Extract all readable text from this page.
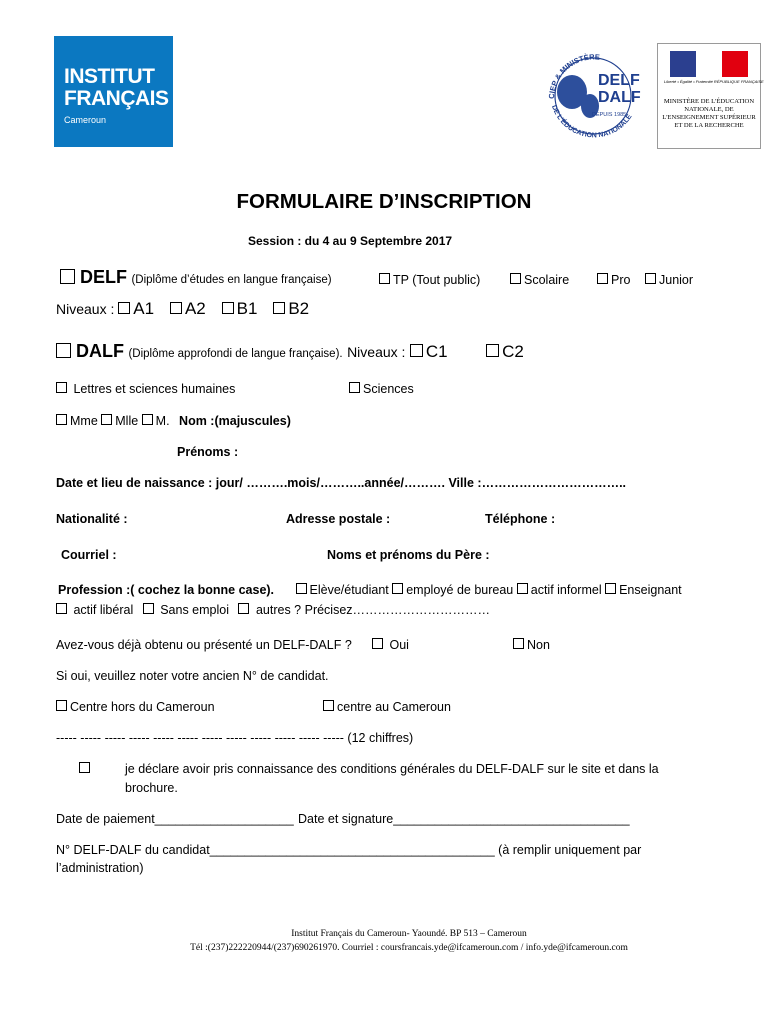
INSTITUT
FRANÇAIS
Cameroun
CIEP & MINISTÈRE
DE L'ÉDUCATION NATIONALE
DELF
DALF
DEPUIS 1985
Liberté • Égalité • Fraternité RÉPUBLIQUE FRANÇAISE
MINISTÈRE DE L'ÉDUCATION NATIONALE, DE L'ENSEIGNEMENT SUPÉRIEUR ET DE LA RECHERCHE
FORMULAIRE D’INSCRIPTION
Session : du 4 au 9 Septembre 2017
DELF (Diplôme d’études en langue française)	TP (Tout public)	Scolaire	Pro	Junior
Niveaux : A1 A2 B1 B2
DALF (Diplôme approfondi de langue française). Niveaux : C1	C2
Lettres et sciences humaines	Sciences
Mme Mlle M. Nom :(majuscules)
Prénoms :
Date et lieu de naissance : jour/ ……….mois/………..année/………. Ville :……………………………..
Nationalité :	Adresse postale :	Téléphone :
Courriel :	Noms et prénoms du Père :
Profession :( cochez la bonne case).	Elève/étudiant employé de bureau actif informel Enseignant
actif libéral Sans emploi autres ? Précisez……………………………
Avez-vous déjà obtenu ou présenté un DELF-DALF ?	Oui	Non
Si oui, veuillez noter votre ancien N° de candidat.
Centre hors du Cameroun	centre au Cameroun
----- ----- ----- ----- ----- ----- ----- ----- ----- ----- ----- ----- (12 chiffres)
je déclare avoir pris connaissance des conditions générales du DELF-DALF sur le site et dans la
brochure.
Date de paiement____________________ Date et signature__________________________________
N° DELF-DALF du candidat_________________________________________ (à remplir uniquement par
l’administration)
Institut Français du Cameroun- Yaoundé. BP 513 – Cameroun
Tél :(237)222220944/(237)690261970. Courriel : coursfrancais.yde@ifcameroun.com / info.yde@ifcameroun.com
